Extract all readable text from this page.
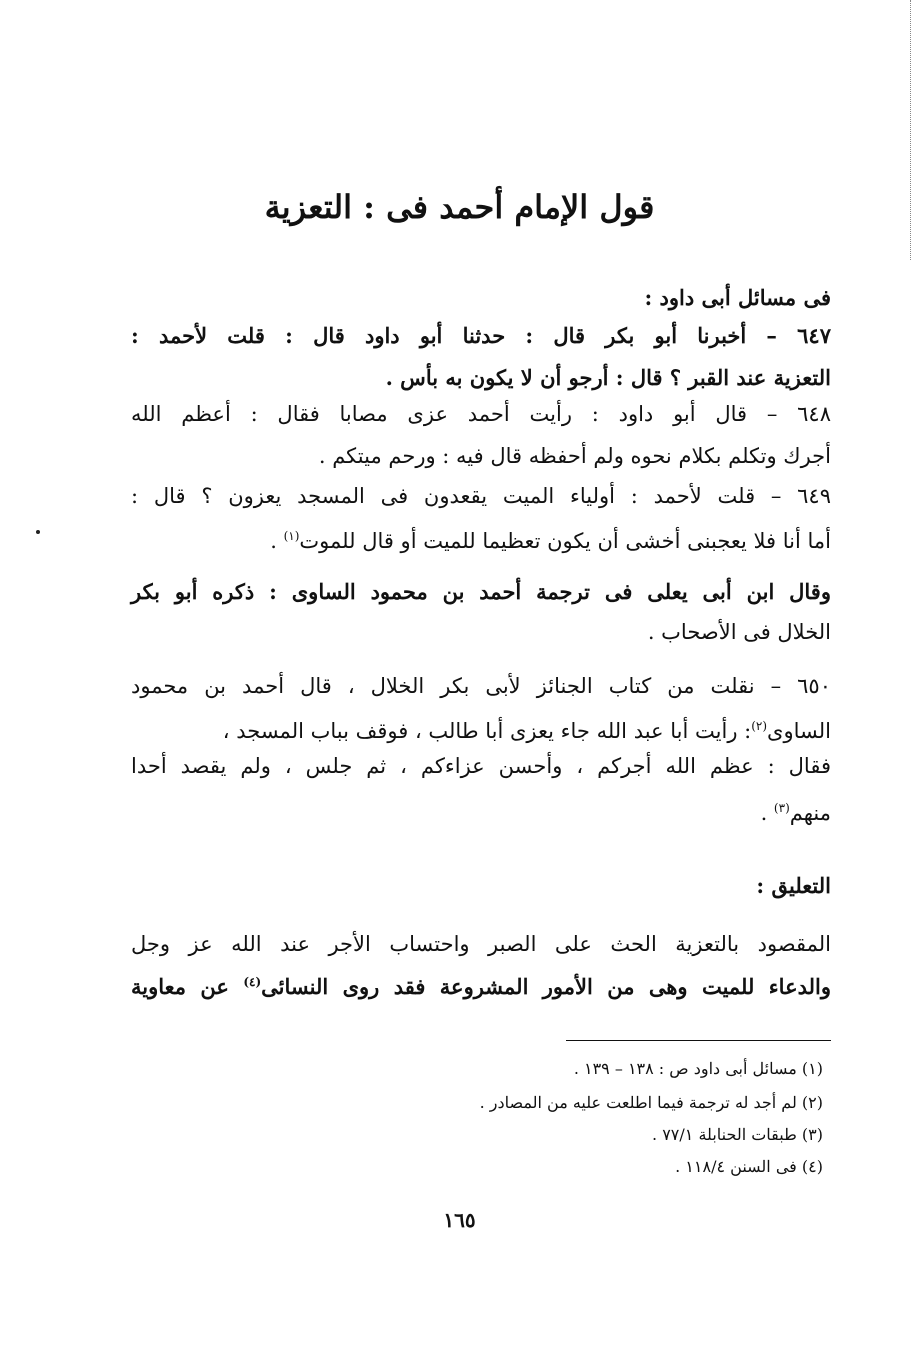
قول الإمام أحمد فى : التعزية
فى مسائل أبى داود :
٦٤٧ – أخبرنا أبو بكر قال : حدثنا أبو داود قال : قلت لأحمد :
التعزية عند القبر ؟ قال : أرجو أن لا يكون به بأس .
٦٤٨ – قال أبو داود : رأيت أحمد عزى مصابا فقال : أعظم الله
أجرك وتكلم بكلام نحوه ولم أحفظه قال فيه : ورحم ميتكم .
٦٤٩ – قلت لأحمد : أولياء الميت يقعدون فى المسجد يعزون ؟ قال :
أما أنا فلا يعجبنى أخشى أن يكون تعظيما للميت أو قال للموت$^{(١)}$ .
وقال ابن أبى يعلى فى ترجمة أحمد بن محمود الساوى : ذكره أبو بكر
الخلال فى الأصحاب .
٦٥٠ – نقلت من كتاب الجنائز لأبى بكر الخلال ، قال أحمد بن محمود
الساوى$^{(٢)}$: رأيت أبا عبد الله جاء يعزى أبا طالب ، فوقف بباب المسجد ،
فقال : عظم الله أجركم ، وأحسن عزاءكم ، ثم جلس ، ولم يقصد أحدا
منهم$^{(٣)}$ .
التعليق :
المقصود بالتعزية الحث على الصبر واحتساب الأجر عند الله عز وجل
والدعاء للميت وهى من الأمور المشروعة فقد روى النسائى$^{(٤)}$ عن معاوية
(١) مسائل أبى داود ص : ١٣٨ – ١٣٩ .
(٢) لم أجد له ترجمة فيما اطلعت عليه من المصادر .
(٣) طبقات الحنابلة ٧٧/١ .
(٤) فى السنن ١١٨/٤ .
١٦٥
